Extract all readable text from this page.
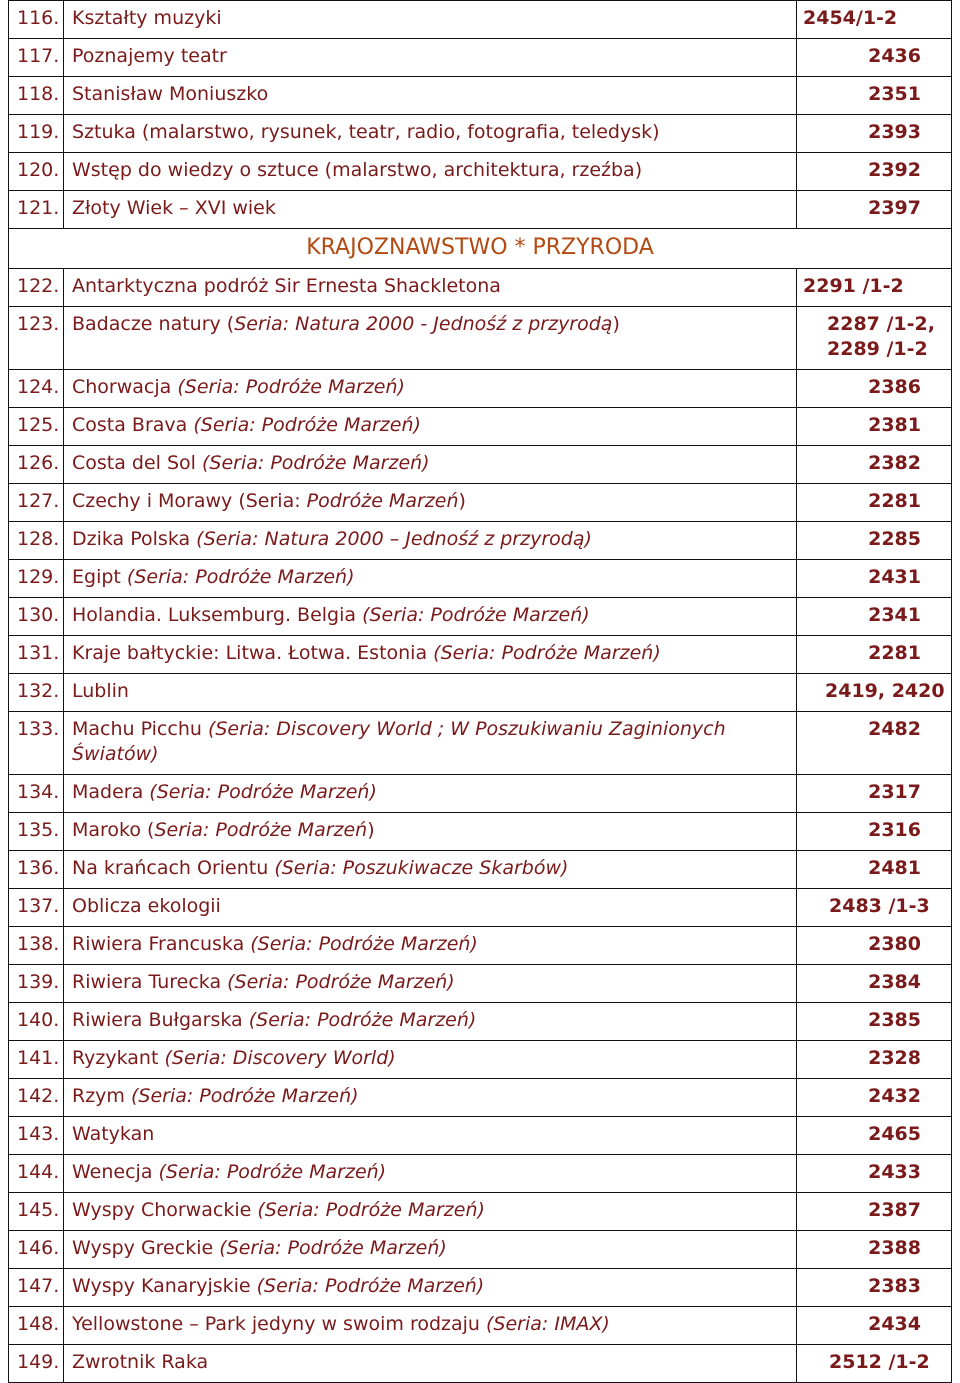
116.	Kształty muzyki	2454/1-2
117.	Poznajemy teatr	2436
118.	Stanisław Moniuszko	2351
119.	Sztuka (malarstwo, rysunek, teatr, radio, fotografia, teledysk)	2393
120.	Wstęp do wiedzy o sztuce (malarstwo, architektura, rzeźba)	2392
121.	Złoty Wiek – XVI wiek	2397
KRAJOZNAWSTWO * PRZYRODA		
122.	Antarktyczna podróż Sir Ernesta Shackletona	2291 /1-2
123.	Badacze natury (Seria: Natura 2000 - Jednośź z przyrodą)	2287 /1-2, 2289 /1-2
124.	Chorwacja (Seria: Podróże Marzeń)	2386
125.	Costa Brava (Seria: Podróże Marzeń)	2381
126.	Costa del Sol (Seria: Podróże Marzeń)	2382
127.	Czechy i Morawy (Seria: Podróże Marzeń)	2281
128.	Dzika Polska (Seria: Natura 2000 – Jednośź z przyrodą)	2285
129.	Egipt (Seria: Podróże Marzeń)	2431
130.	Holandia. Luksemburg. Belgia (Seria: Podróże Marzeń)	2341
131.	Kraje bałtyckie: Litwa. Łotwa. Estonia (Seria: Podróże Marzeń)	2281
132.	Lublin	2419, 2420
133.	Machu Picchu (Seria: Discovery World ; W Poszukiwaniu Zaginionych Światów)	2482
134.	Madera (Seria: Podróże Marzeń)	2317
135.	Maroko (Seria: Podróże Marzeń)	2316
136.	Na krańcach Orientu (Seria: Poszukiwacze Skarbów)	2481
137.	Oblicza ekologii	2483 /1-3
138.	Riwiera Francuska (Seria: Podróże Marzeń)	2380
139.	Riwiera Turecka (Seria: Podróże Marzeń)	2384
140.	Riwiera Bułgarska (Seria: Podróże Marzeń)	2385
141.	Ryzykant (Seria: Discovery World)	2328
142.	Rzym (Seria: Podróże Marzeń)	2432
143.	Watykan	2465
144.	Wenecja (Seria: Podróże Marzeń)	2433
145.	Wyspy Chorwackie (Seria: Podróże Marzeń)	2387
146.	Wyspy Greckie (Seria: Podróże Marzeń)	2388
147.	Wyspy Kanaryjskie (Seria: Podróże Marzeń)	2383
148.	Yellowstone – Park jedyny w swoim rodzaju (Seria: IMAX)	2434
149.	Zwrotnik Raka	2512 /1-2
